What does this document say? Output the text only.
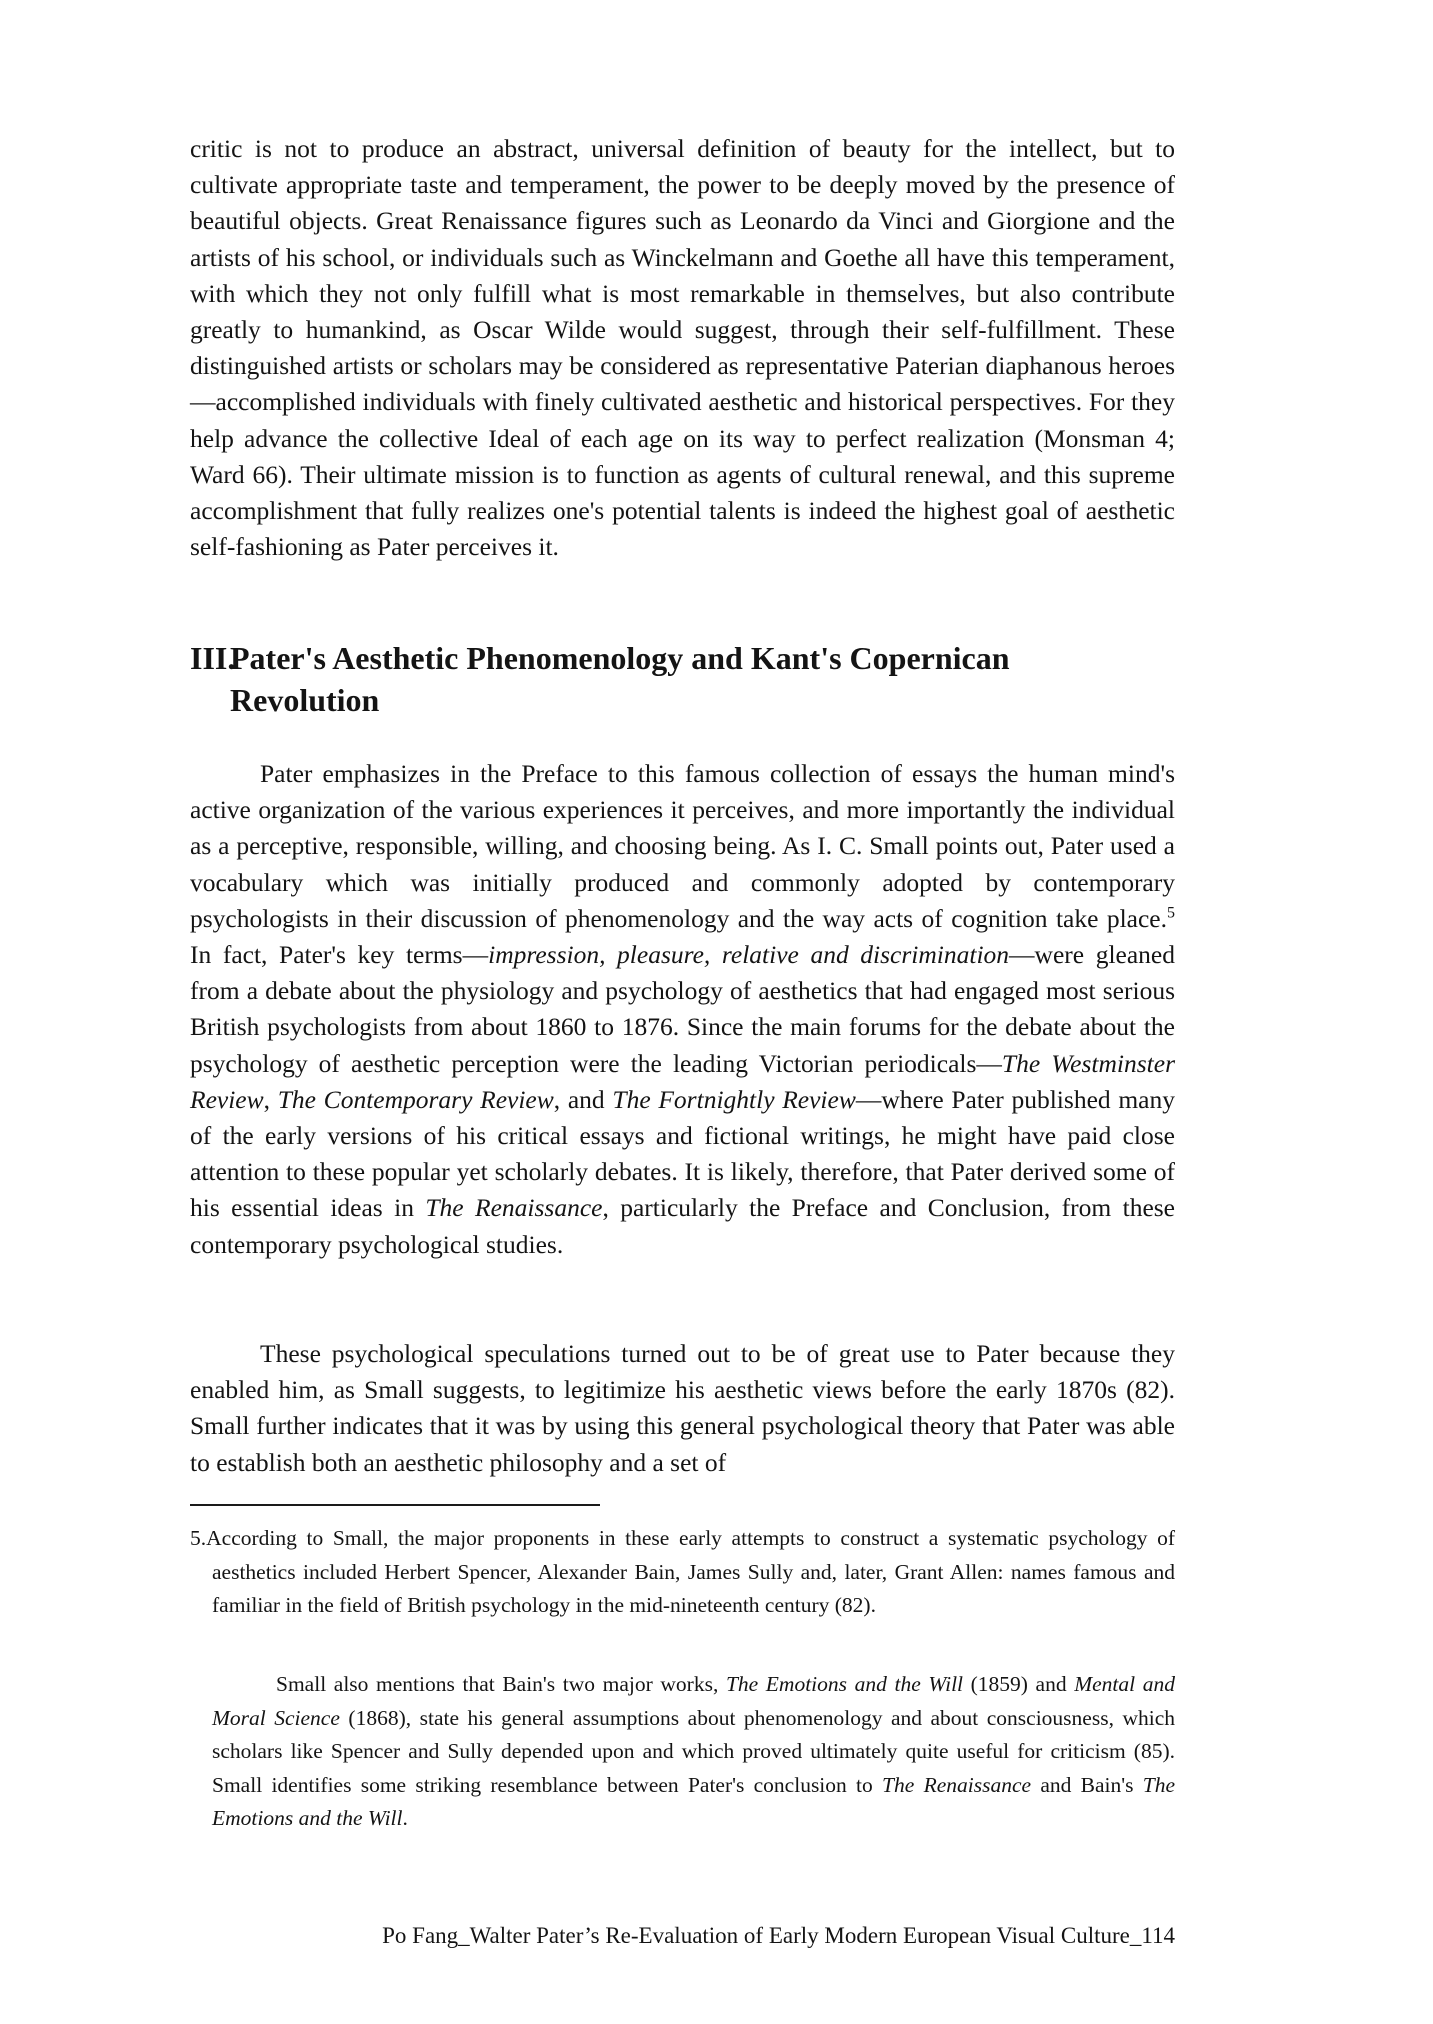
critic is not to produce an abstract, universal definition of beauty for the intellect, but to cultivate appropriate taste and temperament, the power to be deeply moved by the presence of beautiful objects. Great Renaissance figures such as Leonardo da Vinci and Giorgione and the artists of his school, or individuals such as Winckelmann and Goethe all have this temperament, with which they not only fulfill what is most remarkable in themselves, but also contribute greatly to humankind, as Oscar Wilde would suggest, through their self-fulfillment. These distinguished artists or scholars may be considered as representative Paterian diaphanous heroes—accomplished individuals with finely cultivated aesthetic and historical perspectives. For they help advance the collective Ideal of each age on its way to perfect realization (Monsman 4; Ward 66). Their ultimate mission is to function as agents of cultural renewal, and this supreme accomplishment that fully realizes one's potential talents is indeed the highest goal of aesthetic self-fashioning as Pater perceives it.

III.Pater's Aesthetic Phenomenology and Kant's Copernican
Revolution

Pater emphasizes in the Preface to this famous collection of essays the human mind's active organization of the various experiences it perceives, and more importantly the individual as a perceptive, responsible, willing, and choosing being. As I. C. Small points out, Pater used a vocabulary which was initially produced and commonly adopted by contemporary psychologists in their discussion of phenomenology and the way acts of cognition take place.$^5$ In fact, Pater's key terms—impression, pleasure, relative and discrimination—were gleaned from a debate about the physiology and psychology of aesthetics that had engaged most serious British psychologists from about 1860 to 1876. Since the main forums for the debate about the psychology of aesthetic perception were the leading Victorian periodicals—The Westminster Review, The Contemporary Review, and The Fortnightly Review—where Pater published many of the early versions of his critical essays and fictional writings, he might have paid close attention to these popular yet scholarly debates. It is likely, therefore, that Pater derived some of his essential ideas in The Renaissance, particularly the Preface and Conclusion, from these contemporary psychological studies.

These psychological speculations turned out to be of great use to Pater because they enabled him, as Small suggests, to legitimize his aesthetic views before the early 1870s (82). Small further indicates that it was by using this general psychological theory that Pater was able to establish both an aesthetic philosophy and a set of

5.According to Small, the major proponents in these early attempts to construct a systematic psychology of aesthetics included Herbert Spencer, Alexander Bain, James Sully and, later, Grant Allen: names famous and familiar in the field of British psychology in the mid-nineteenth century (82).

Small also mentions that Bain's two major works, The Emotions and the Will (1859) and Mental and Moral Science (1868), state his general assumptions about phenomenology and about consciousness, which scholars like Spencer and Sully depended upon and which proved ultimately quite useful for criticism (85). Small identifies some striking resemblance between Pater's conclusion to The Renaissance and Bain's The Emotions and the Will.

Po Fang_Walter Pater’s Re-Evaluation of Early Modern European Visual Culture_114
